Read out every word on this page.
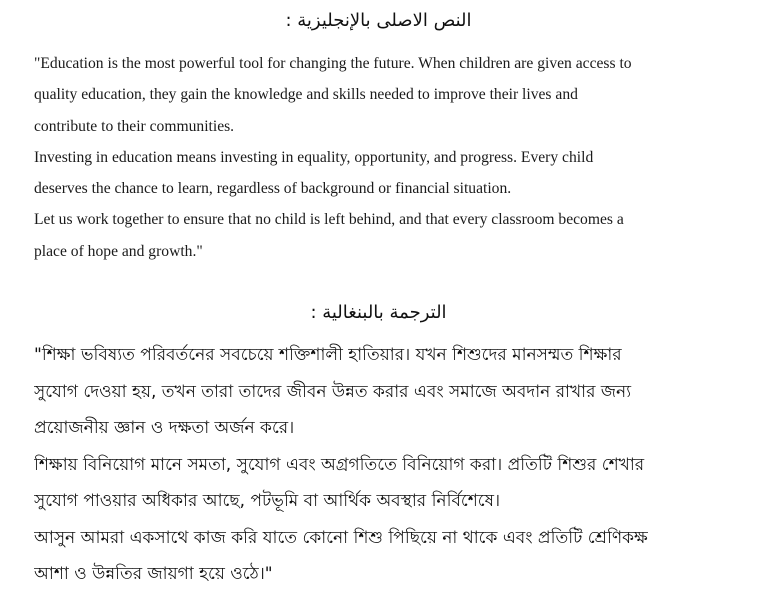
النص الاصلى بالإنجليزية :
"Education is the most powerful tool for changing the future. When children are given access to
quality education, they gain the knowledge and skills needed to improve their lives and
contribute to their communities.
Investing in education means investing in equality, opportunity, and progress. Every child
deserves the chance to learn, regardless of background or financial situation.
Let us work together to ensure that no child is left behind, and that every classroom becomes a
place of hope and growth."
الترجمة بالبنغالية :
"শিক্ষা ভবিষ্যত পরিবর্তনের সবচেয়ে শক্তিশালী হাতিয়ার। যখন শিশুদের মানসম্মত শিক্ষার
সুযোগ দেওয়া হয়, তখন তারা তাদের জীবন উন্নত করার এবং সমাজে অবদান রাখার জন্য
প্রয়োজনীয় জ্ঞান ও দক্ষতা অর্জন করে।
শিক্ষায় বিনিয়োগ মানে সমতা, সুযোগ এবং অগ্রগতিতে বিনিয়োগ করা। প্রতিটি শিশুর শেখার
সুযোগ পাওয়ার অধিকার আছে, পটভূমি বা আর্থিক অবস্থার নির্বিশেষে।
আসুন আমরা একসাথে কাজ করি যাতে কোনো শিশু পিছিয়ে না থাকে এবং প্রতিটি শ্রেণিকক্ষ
আশা ও উন্নতির জায়গা হয়ে ওঠে।"
